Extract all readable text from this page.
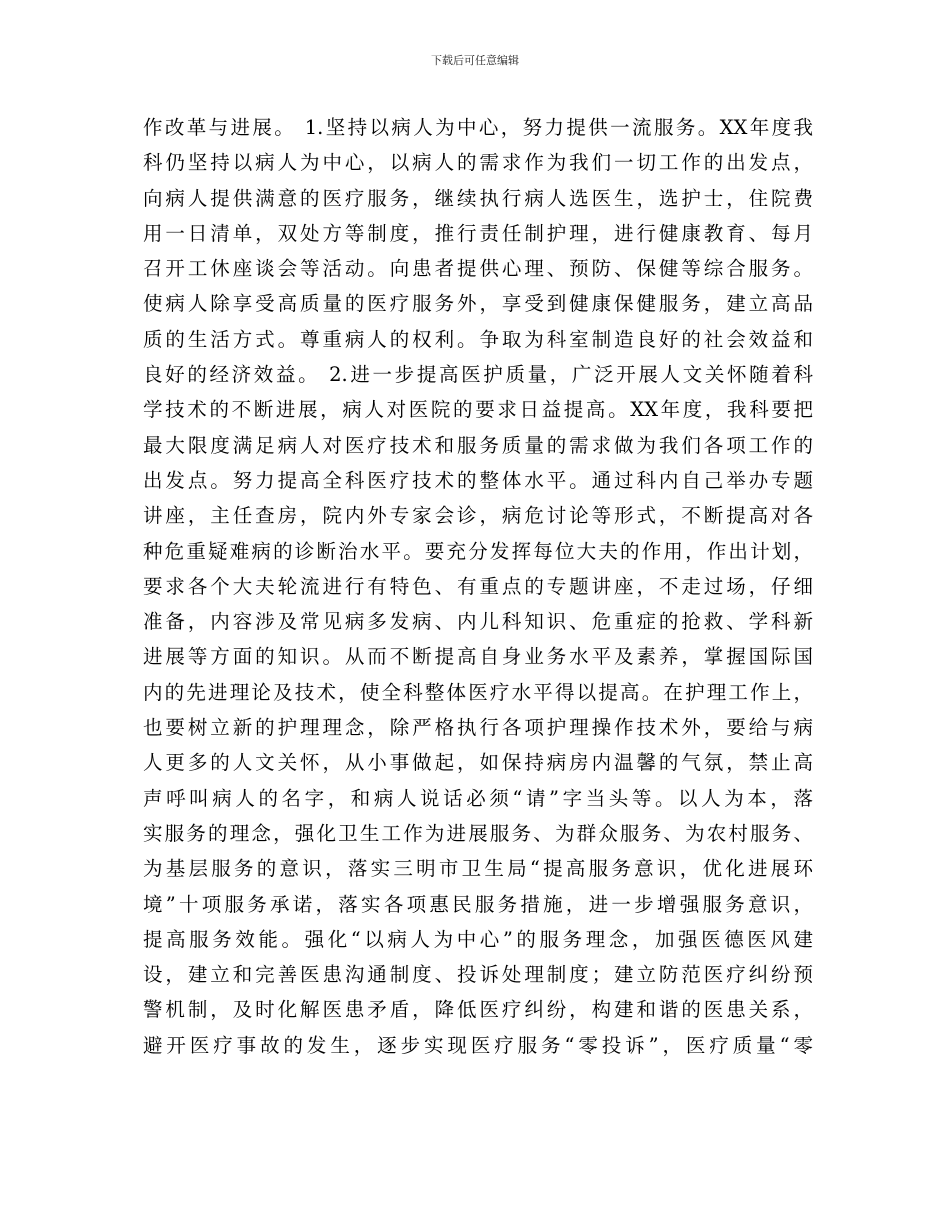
下载后可任意编辑
作改革与进展。 1.坚持以病人为中心，努力提供一流服务。XX年度我
科仍坚持以病人为中心，以病人的需求作为我们一切工作的出发点，
向病人提供满意的医疗服务，继续执行病人选医生，选护士，住院费
用一日清单，双处方等制度，推行责任制护理，进行健康教育、每月
召开工休座谈会等活动。向患者提供心理、预防、保健等综合服务。
使病人除享受高质量的医疗服务外，享受到健康保健服务，建立高品
质的生活方式。尊重病人的权利。争取为科室制造良好的社会效益和
良好的经济效益。 2.进一步提高医护质量，广泛开展人文关怀随着科
学技术的不断进展，病人对医院的要求日益提高。XX年度，我科要把
最大限度满足病人对医疗技术和服务质量的需求做为我们各项工作的
出发点。努力提高全科医疗技术的整体水平。通过科内自己举办专题
讲座，主任查房，院内外专家会诊，病危讨论等形式，不断提高对各
种危重疑难病的诊断治水平。要充分发挥每位大夫的作用，作出计划，
要求各个大夫轮流进行有特色、有重点的专题讲座，不走过场，仔细
准备，内容涉及常见病多发病、内儿科知识、危重症的抢救、学科新
进展等方面的知识。从而不断提高自身业务水平及素养，掌握国际国
内的先进理论及技术，使全科整体医疗水平得以提高。在护理工作上，
也要树立新的护理理念，除严格执行各项护理操作技术外，要给与病
人更多的人文关怀，从小事做起，如保持病房内温馨的气氛，禁止高
声呼叫病人的名字，和病人说话必须“请”字当头等。以人为本，落
实服务的理念，强化卫生工作为进展服务、为群众服务、为农村服务、
为基层服务的意识，落实三明市卫生局“提高服务意识，优化进展环
境”十项服务承诺，落实各项惠民服务措施，进一步增强服务意识，
提高服务效能。强化“以病人为中心”的服务理念，加强医德医风建
设，建立和完善医患沟通制度、投诉处理制度；建立防范医疗纠纷预
警机制，及时化解医患矛盾，降低医疗纠纷，构建和谐的医患关系，
避开医疗事故的发生，逐步实现医疗服务“零投诉”，医疗质量“零
